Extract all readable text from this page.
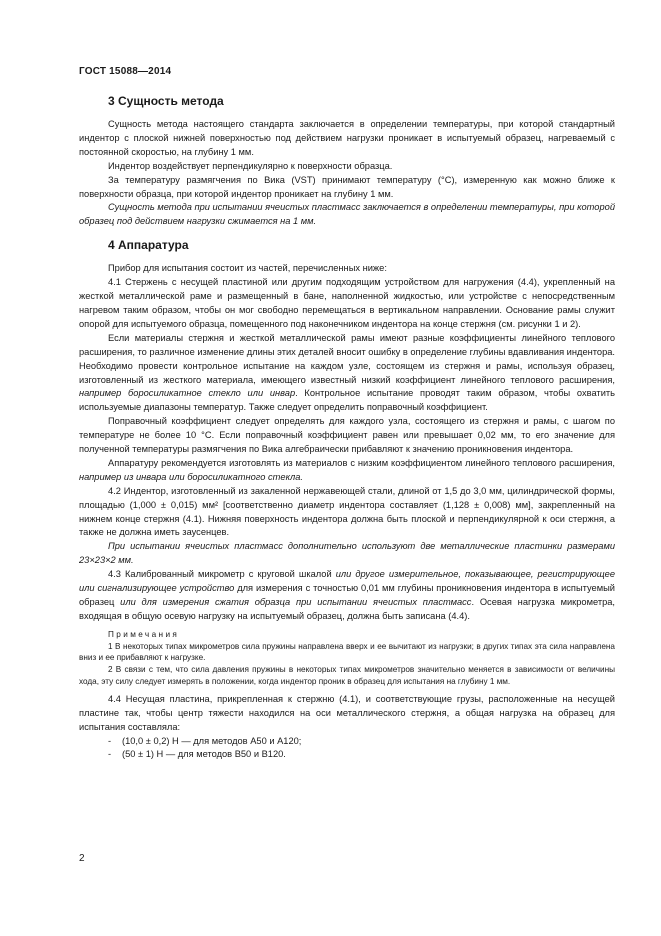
ГОСТ 15088—2014
3 Сущность метода

Сущность метода настоящего стандарта заключается в определении температуры, при которой стандартный индентор с плоской нижней поверхностью под действием нагрузки проникает в испытуемый образец, нагреваемый с постоянной скоростью, на глубину 1 мм.

Индентор воздействует перпендикулярно к поверхности образца.

За температуру размягчения по Вика (VST) принимают температуру (°С), измеренную как можно ближе к поверхности образца, при которой индентор проникает на глубину 1 мм.

Сущность метода при испытании ячеистых пластмасс заключается в определении температуры, при которой образец под действием нагрузки сжимается на 1 мм.

4 Аппаратура

Прибор для испытания состоит из частей, перечисленных ниже:

4.1 Стержень с несущей пластиной или другим подходящим устройством для нагружения (4.4), укрепленный на жесткой металлической раме и размещенный в бане, наполненной жидкостью, или устройстве с непосредственным нагревом таким образом, чтобы он мог свободно перемещаться в вертикальном направлении. Основание рамы служит опорой для испытуемого образца, помещенного под наконечником индентора на конце стержня (см. рисунки 1 и 2).

Если материалы стержня и жесткой металлической рамы имеют разные коэффициенты линейного теплового расширения, то различное изменение длины этих деталей вносит ошибку в определение глубины вдавливания индентора. Необходимо провести контрольное испытание на каждом узле, состоящем из стержня и рамы, используя образец, изготовленный из жесткого материала, имеющего известный низкий коэффициент линейного теплового расширения, например боросиликатное стекло или инвар. Контрольное испытание проводят таким образом, чтобы охватить используемые диапазоны температур. Также следует определить поправочный коэффициент.

Поправочный коэффициент следует определять для каждого узла, состоящего из стержня и рамы, с шагом по температуре не более 10 °С. Если поправочный коэффициент равен или превышает 0,02 мм, то его значение для полученной температуры размягчения по Вика алгебраически прибавляют к значению проникновения индентора.

Аппаратуру рекомендуется изготовлять из материалов с низким коэффициентом линейного теплового расширения, например из инвара или боросиликатного стекла.

4.2 Индентор, изготовленный из закаленной нержавеющей стали, длиной от 1,5 до 3,0 мм, цилиндрической формы, площадью (1,000 ± 0,015) мм² [соответственно диаметр индентора составляет (1,128 ± 0,008) мм], закрепленный на нижнем конце стержня (4.1). Нижняя поверхность индентора должна быть плоской и перпендикулярной к оси стержня, а также не должна иметь заусенцев.

При испытании ячеистых пластмасс дополнительно используют две металлические пластинки размерами 23×23×2 мм.

4.3 Калиброванный микрометр с круговой шкалой или другое измерительное, показывающее, регистрирующее или сигнализирующее устройство для измерения с точностью 0,01 мм глубины проникновения индентора в испытуемый образец или для измерения сжатия образца при испытании ячеистых пластмасс. Осевая нагрузка микрометра, входящая в общую осевую нагрузку на испытуемый образец, должна быть записана (4.4).

Примечания

1 В некоторых типах микрометров сила пружины направлена вверх и ее вычитают из нагрузки; в других типах эта сила направлена вниз и ее прибавляют к нагрузке.

2 В связи с тем, что сила давления пружины в некоторых типах микрометров значительно меняется в зависимости от величины хода, эту силу следует измерять в положении, когда индентор проник в образец для испытания на глубину 1 мм.

4.4 Несущая пластина, прикрепленная к стержню (4.1), и соответствующие грузы, расположенные на несущей пластине так, чтобы центр тяжести находился на оси металлического стержня, а общая нагрузка на образец для испытания составляла:

-	(10,0 ± 0,2) Н — для методов А50 и А120;
-	(50 ± 1) Н — для методов В50 и В120.
2
